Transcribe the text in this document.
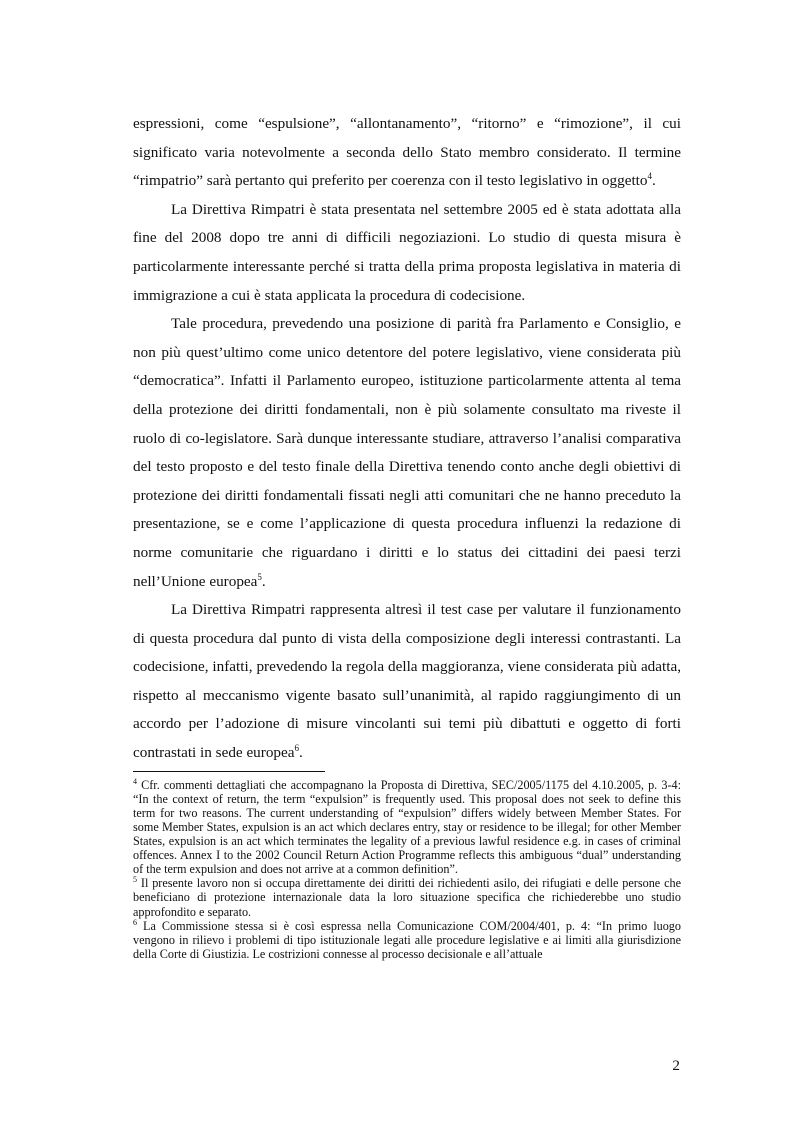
espressioni, come “espulsione”, “allontanamento”, “ritorno” e “rimozione”, il cui significato varia notevolmente a seconda dello Stato membro considerato. Il termine “rimpatrio” sarà pertanto qui preferito per coerenza con il testo legislativo in oggetto$^4$.

La Direttiva Rimpatri è stata presentata nel settembre 2005 ed è stata adottata alla fine del 2008 dopo tre anni di difficili negoziazioni. Lo studio di questa misura è particolarmente interessante perché si tratta della prima proposta legislativa in materia di immigrazione a cui è stata applicata la procedura di codecisione.

Tale procedura, prevedendo una posizione di parità fra Parlamento e Consiglio, e non più quest’ultimo come unico detentore del potere legislativo, viene considerata più “democratica”. Infatti il Parlamento europeo, istituzione particolarmente attenta al tema della protezione dei diritti fondamentali, non è più solamente consultato ma riveste il ruolo di co-legislatore. Sarà dunque interessante studiare, attraverso l’analisi comparativa del testo proposto e del testo finale della Direttiva tenendo conto anche degli obiettivi di protezione dei diritti fondamentali fissati negli atti comunitari che ne hanno preceduto la presentazione, se e come l’applicazione di questa procedura influenzi la redazione di norme comunitarie che riguardano i diritti e lo status dei cittadini dei paesi terzi nell’Unione europea$^5$.

La Direttiva Rimpatri rappresenta altresì il test case per valutare il funzionamento di questa procedura dal punto di vista della composizione degli interessi contrastanti. La codecisione, infatti, prevedendo la regola della maggioranza, viene considerata più adatta, rispetto al meccanismo vigente basato sull’unanimità, al rapido raggiungimento di un accordo per l’adozione di misure vincolanti sui temi più dibattuti e oggetto di forti contrastati in sede europea$^6$.

$^4$ Cfr. commenti dettagliati che accompagnano la Proposta di Direttiva, SEC/2005/1175 del 4.10.2005, p. 3-4: “In the context of return, the term “expulsion” is frequently used. This proposal does not seek to define this term for two reasons. The current understanding of “expulsion” differs widely between Member States. For some Member States, expulsion is an act which declares entry, stay or residence to be illegal; for other Member States, expulsion is an act which terminates the legality of a previous lawful residence e.g. in cases of criminal offences. Annex I to the 2002 Council Return Action Programme reflects this ambiguous “dual” understanding of the term expulsion and does not arrive at a common definition”.

$^5$ Il presente lavoro non si occupa direttamente dei diritti dei richiedenti asilo, dei rifugiati e delle persone che beneficiano di protezione internazionale data la loro situazione specifica che richiederebbe uno studio approfondito e separato.

$^6$ La Commissione stessa si è così espressa nella Comunicazione COM/2004/401, p. 4: “In primo luogo vengono in rilievo i problemi di tipo istituzionale legati alle procedure legislative e ai limiti alla giurisdizione della Corte di Giustizia. Le costrizioni connesse al processo decisionale e all’attuale

2
